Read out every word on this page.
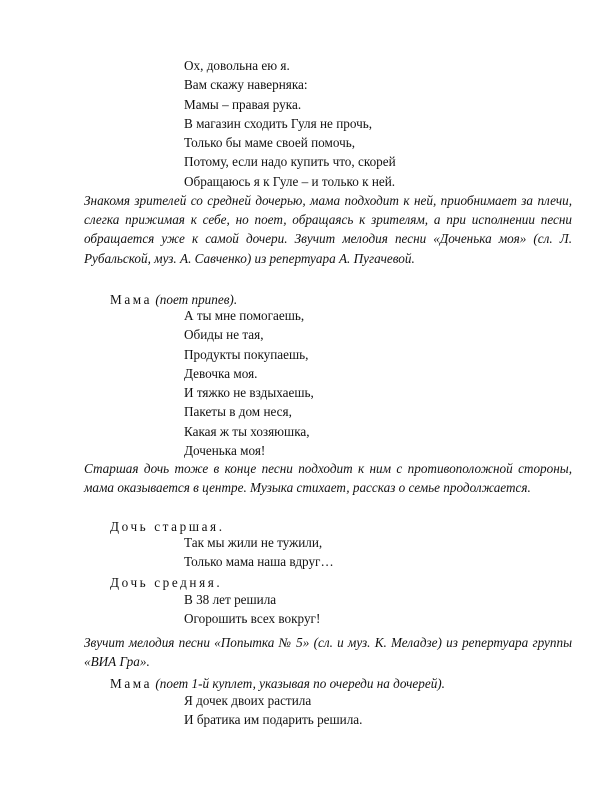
Ох, довольна ею я.
Вам скажу наверняка:
Мамы – правая рука.
В магазин сходить Гуля не прочь,
Только бы маме своей помочь,
Потому, если надо купить что, скорей
Обращаюсь я к Гуле – и только к ней.

Знакомя зрителей со средней дочерью, мама подходит к ней, приобнимает за плечи, слегка прижимая к себе, но поет, обращаясь к зрителям, а при исполнении песни обращается уже к самой дочери. Звучит мелодия песни «Доченька моя» (сл. Л. Рубальской, муз. А. Савченко) из репертуара А. Пугачевой.

Мама (поет припев).
А ты мне помогаешь,
Обиды не тая,
Продукты покупаешь,
Девочка моя.
И тяжко не вздыхаешь,
Пакеты в дом неся,
Какая ж ты хозяюшка,
Доченька моя!

Старшая дочь тоже в конце песни подходит к ним с противоположной стороны, мама оказывается в центре. Музыка стихает, рассказ о семье продолжается.

Дочь старшая.
Так мы жили не тужили,
Только мама наша вдруг…
Дочь средняя.
В 38 лет решила
Огорошить всех вокруг!

Звучит мелодия песни «Попытка № 5» (сл. и муз. К. Меладзе) из репертуара группы «ВИА Гра».

Мама (поет 1-й куплет, указывая по очереди на дочерей).
Я дочек двоих растила
И братика им подарить решила.
